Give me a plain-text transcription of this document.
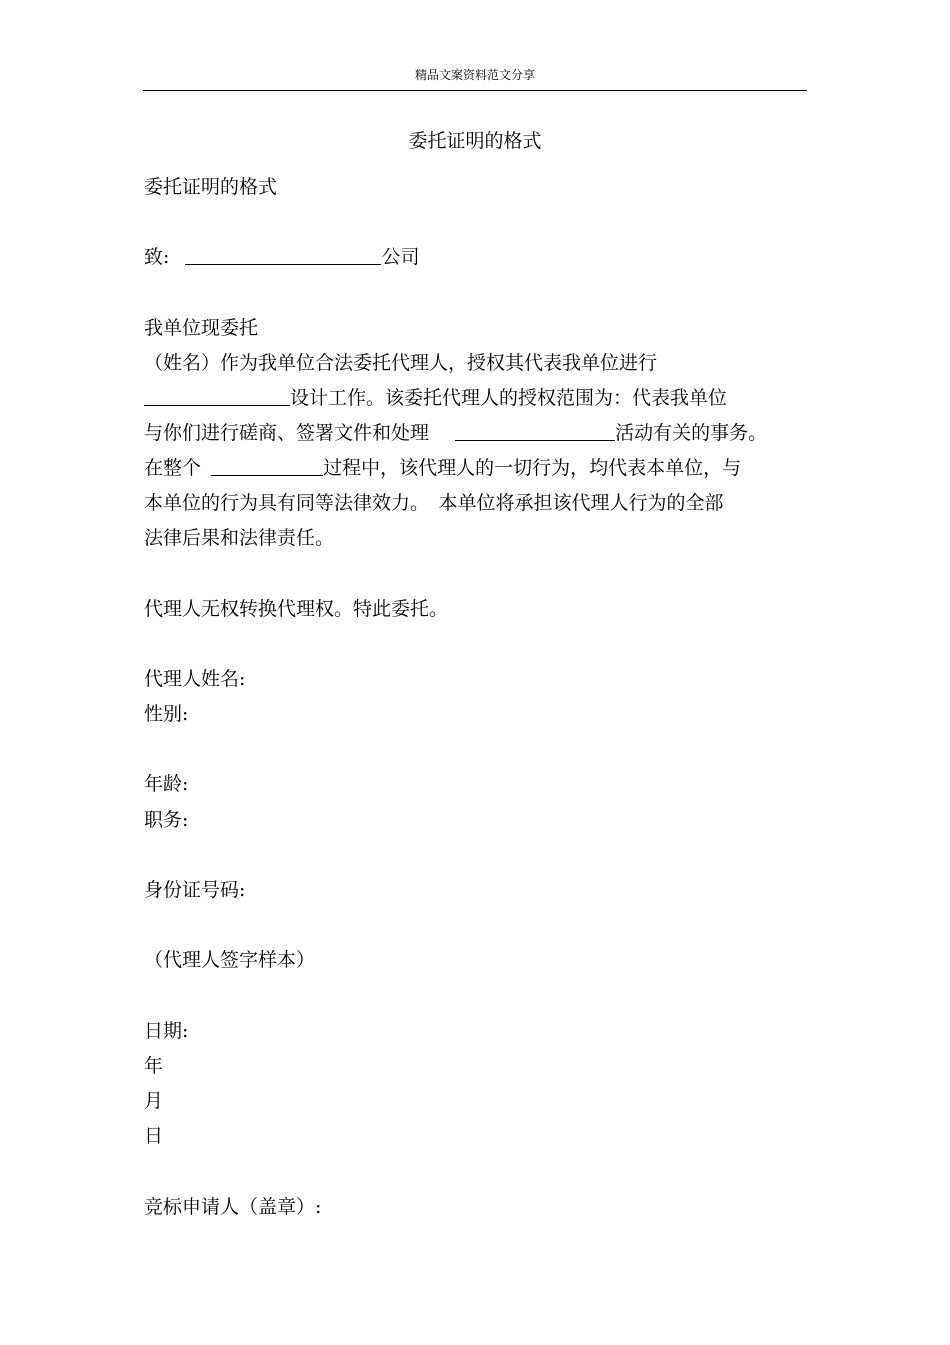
精品文案资料范文分享
委托证明的格式
委托证明的格式
致:	公司
我单位现委托
（姓名）作为我单位合法委托代理人，授权其代表我单位进行
设计工作。该委托代理人的授权范围为：代表我单位
与你们进行磋商、签署文件和处理	活动有关的事务。
在整个	过程中，该代理人的一切行为，均代表本单位，与
本单位的行为具有同等法律效力。　本单位将承担该代理人行为的全部
法律后果和法律责任。
代理人无权转换代理权。特此委托。
代理人姓名:
性别:
年龄:
职务:
身份证号码:
（代理人签字样本）
日期:
年
月
日
竞标申请人（盖章）:
